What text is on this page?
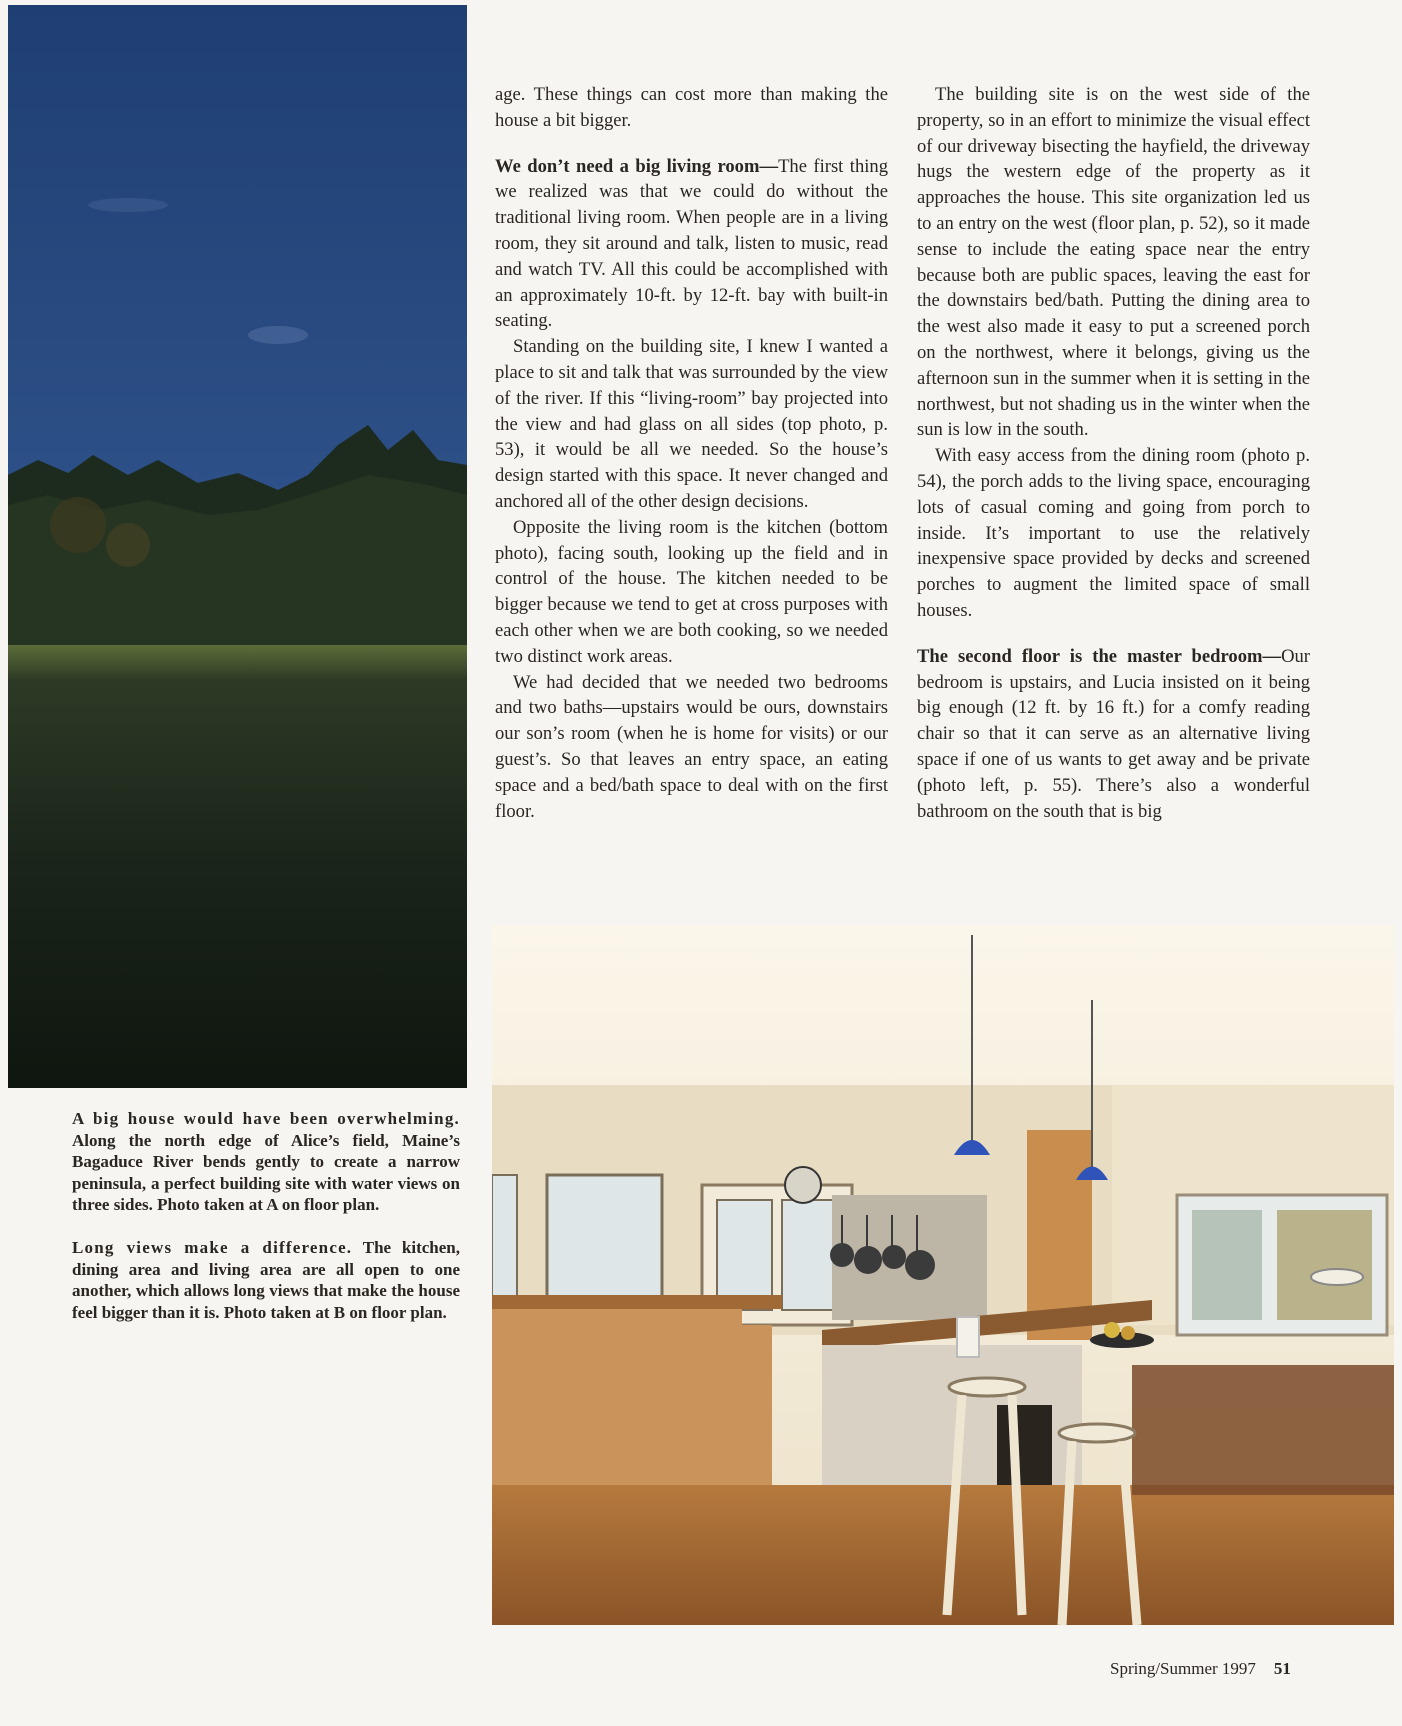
age. These things can cost more than making the house a bit bigger.

We don’t need a big living room—The first thing we realized was that we could do without the traditional living room. When people are in a living room, they sit around and talk, listen to music, read and watch TV. All this could be accomplished with an approximately 10-ft. by 12-ft. bay with built-in seating.

Standing on the building site, I knew I wanted a place to sit and talk that was surrounded by the view of the river. If this “living-room” bay projected into the view and had glass on all sides (top photo, p. 53), it would be all we needed. So the house’s design started with this space. It never changed and anchored all of the other design decisions.

Opposite the living room is the kitchen (bottom photo), facing south, looking up the field and in control of the house. The kitchen needed to be bigger because we tend to get at cross purposes with each other when we are both cooking, so we needed two distinct work areas.

We had decided that we needed two bedrooms and two baths—upstairs would be ours, downstairs our son’s room (when he is home for visits) or our guest’s. So that leaves an entry space, an eating space and a bed/bath space to deal with on the first floor.

The building site is on the west side of the property, so in an effort to minimize the visual effect of our driveway bisecting the hayfield, the driveway hugs the western edge of the property as it approaches the house. This site organization led us to an entry on the west (floor plan, p. 52), so it made sense to include the eating space near the entry because both are public spaces, leaving the east for the downstairs bed/bath. Putting the dining area to the west also made it easy to put a screened porch on the northwest, where it belongs, giving us the afternoon sun in the summer when it is setting in the northwest, but not shading us in the winter when the sun is low in the south.

With easy access from the dining room (photo p. 54), the porch adds to the living space, encouraging lots of casual coming and going from porch to inside. It’s important to use the relatively inexpensive space provided by decks and screened porches to augment the limited space of small houses.

The second floor is the master bedroom—Our bedroom is upstairs, and Lucia insisted on it being big enough (12 ft. by 16 ft.) for a comfy reading chair so that it can serve as an alternative living space if one of us wants to get away and be private (photo left, p. 55). There’s also a wonderful bathroom on the south that is big

A big house would have been overwhelming. Along the north edge of Alice’s field, Maine’s Bagaduce River bends gently to create a narrow peninsula, a perfect building site with water views on three sides. Photo taken at A on floor plan.

Long views make a difference. The kitchen, dining area and living area are all open to one another, which allows long views that make the house feel bigger than it is. Photo taken at B on floor plan.

Spring/Summer 1997 51
